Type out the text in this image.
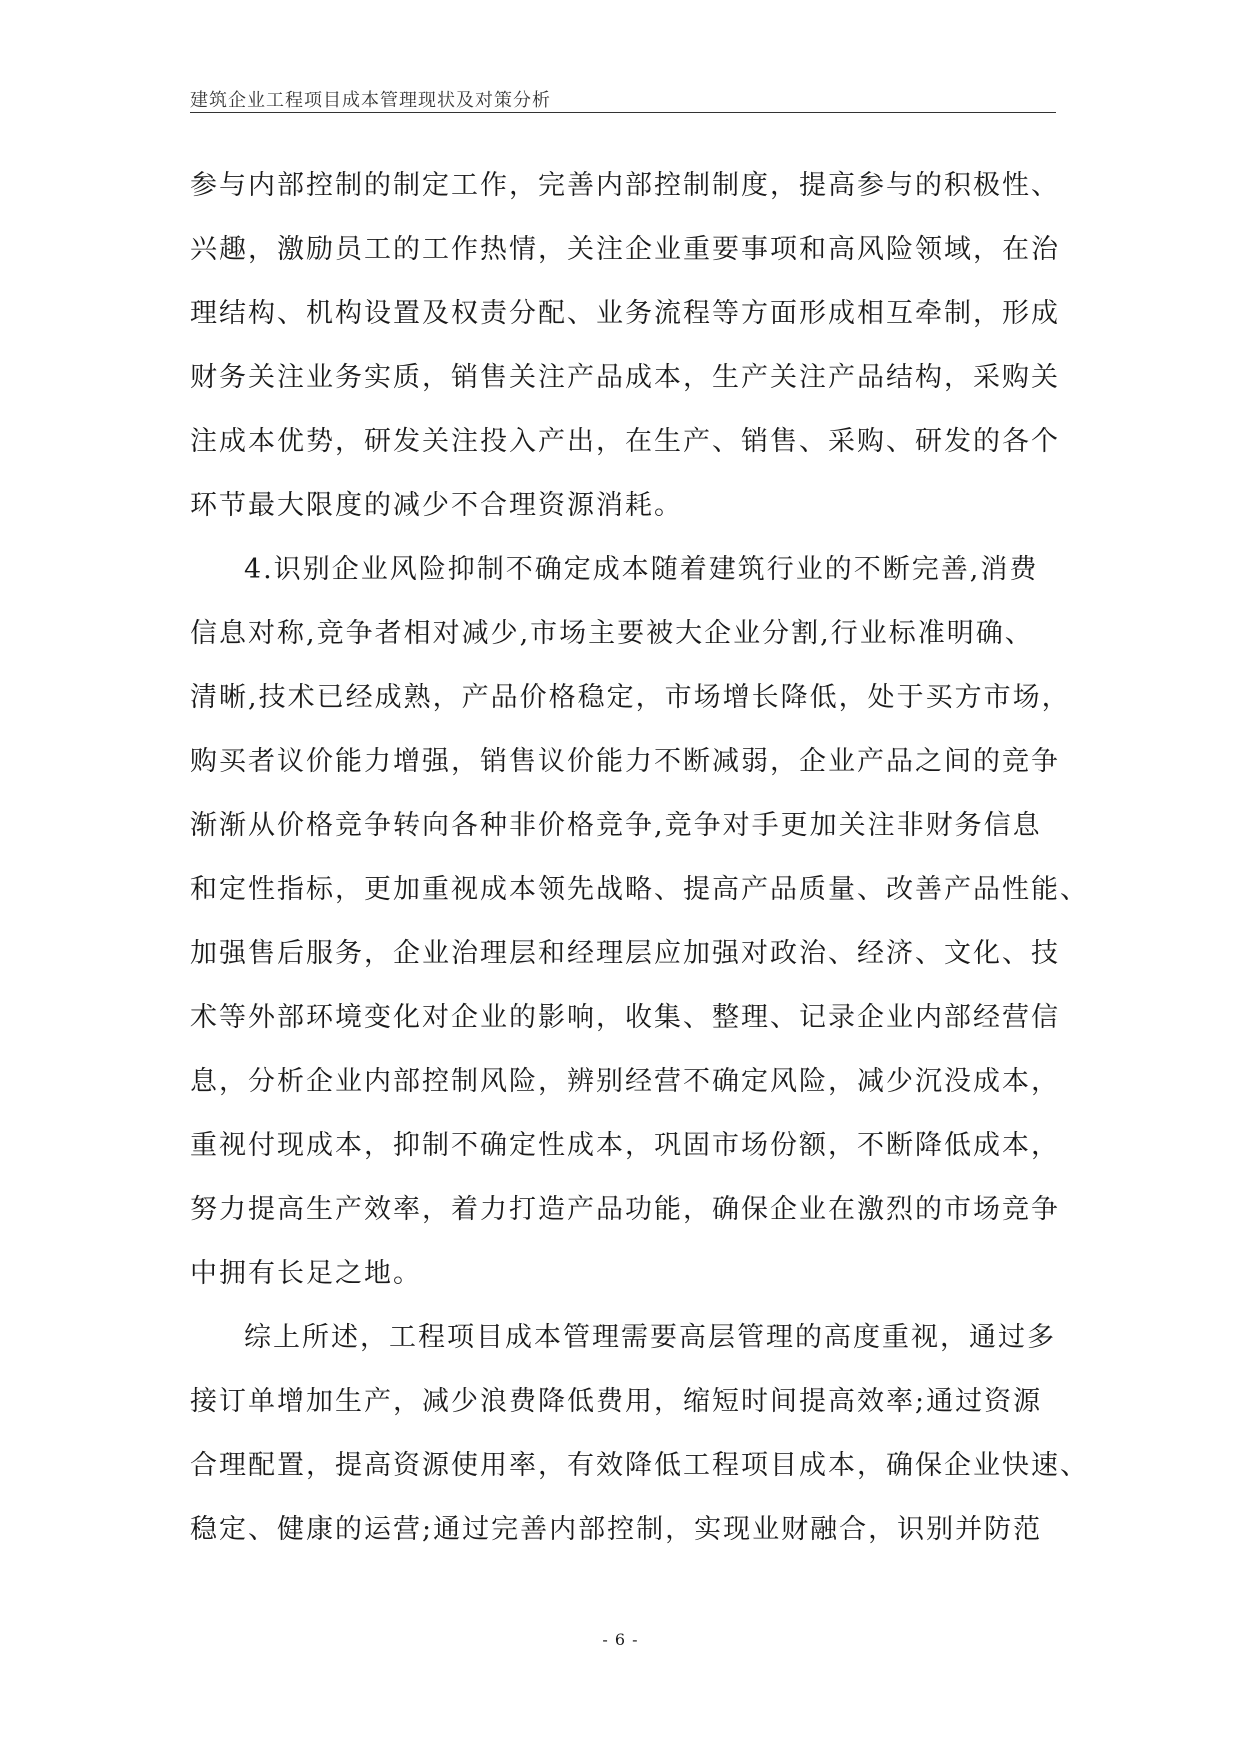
建筑企业工程项目成本管理现状及对策分析
参与内部控制的制定工作，完善内部控制制度，提高参与的积极性、
兴趣，激励员工的工作热情，关注企业重要事项和高风险领域，在治
理结构、机构设置及权责分配、业务流程等方面形成相互牵制，形成
财务关注业务实质，销售关注产品成本，生产关注产品结构，采购关
注成本优势，研发关注投入产出，在生产、销售、采购、研发的各个
环节最大限度的减少不合理资源消耗。
4.识别企业风险抑制不确定成本随着建筑行业的不断完善,消费
信息对称,竞争者相对减少,市场主要被大企业分割,行业标准明确、
清晰,技术已经成熟，产品价格稳定，市场增长降低，处于买方市场，
购买者议价能力增强，销售议价能力不断减弱，企业产品之间的竞争
渐渐从价格竞争转向各种非价格竞争,竞争对手更加关注非财务信息
和定性指标，更加重视成本领先战略、提高产品质量、改善产品性能、
加强售后服务，企业治理层和经理层应加强对政治、经济、文化、技
术等外部环境变化对企业的影响，收集、整理、记录企业内部经营信
息，分析企业内部控制风险，辨别经营不确定风险，减少沉没成本，
重视付现成本，抑制不确定性成本，巩固市场份额，不断降低成本，
努力提高生产效率，着力打造产品功能，确保企业在激烈的市场竞争
中拥有长足之地。
综上所述，工程项目成本管理需要高层管理的高度重视，通过多
接订单增加生产，减少浪费降低费用，缩短时间提高效率;通过资源
合理配置，提高资源使用率，有效降低工程项目成本，确保企业快速、
稳定、健康的运营;通过完善内部控制，实现业财融合，识别并防范
- 6 -
